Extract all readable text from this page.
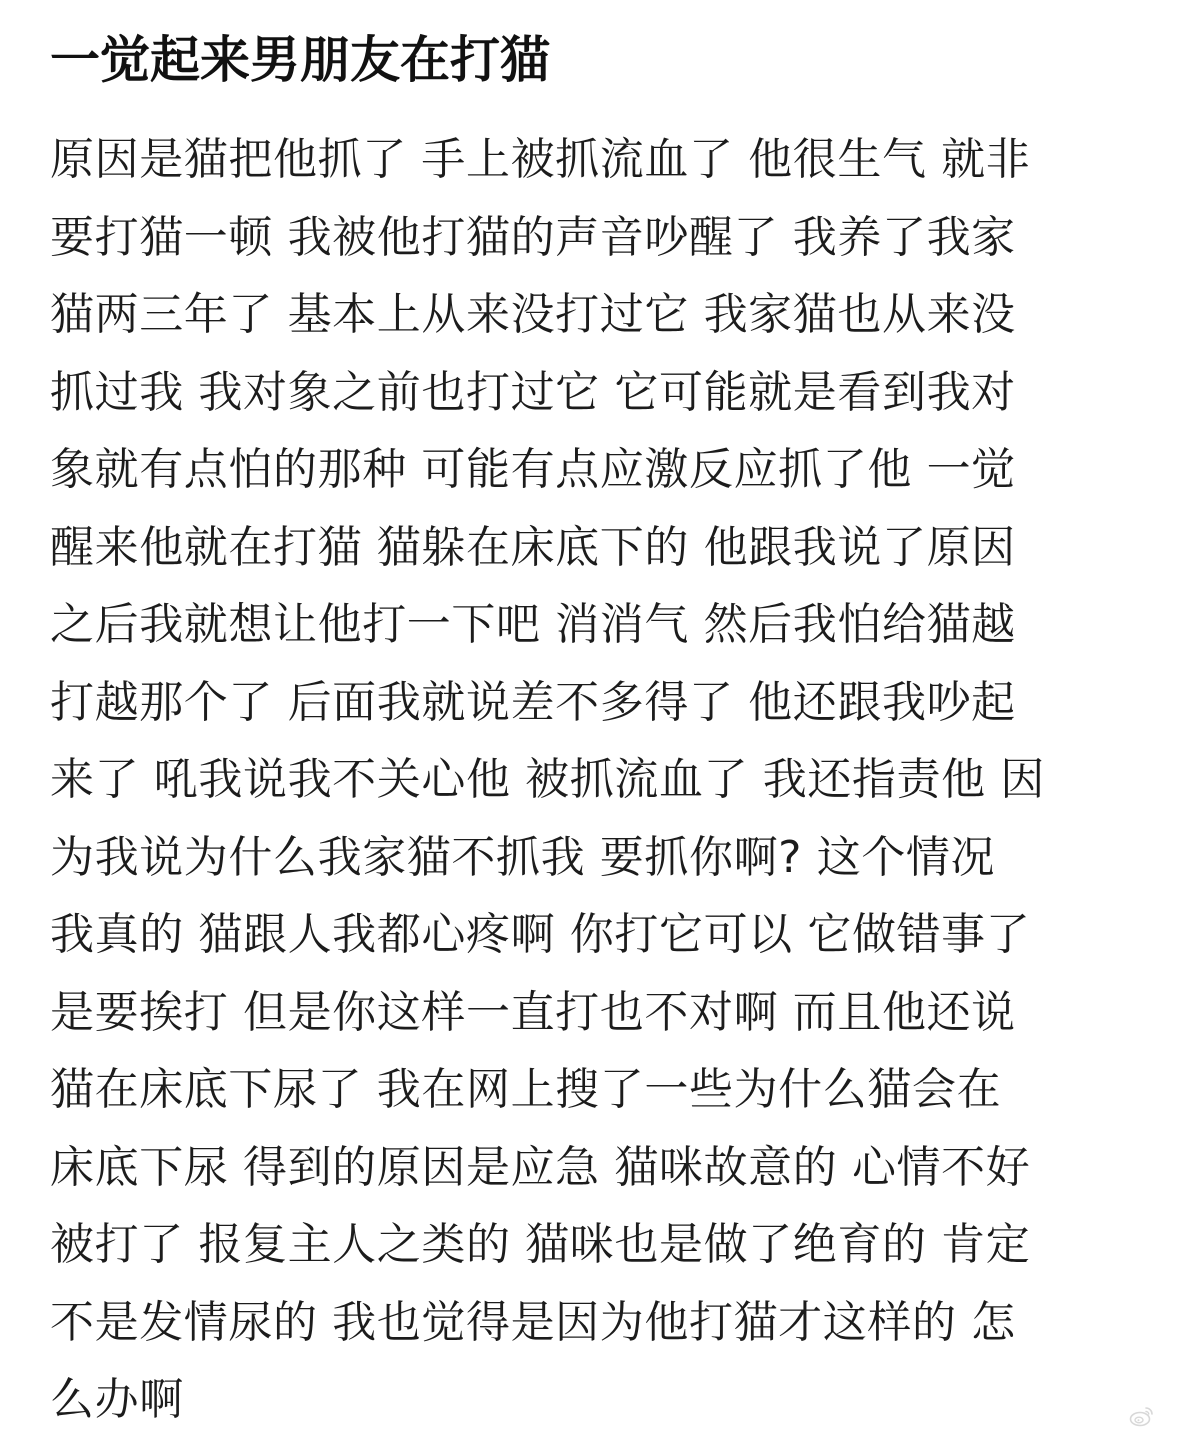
一觉起来男朋友在打猫
原因是猫把他抓了 手上被抓流血了 他很生气 就非
要打猫一顿 我被他打猫的声音吵醒了 我养了我家
猫两三年了 基本上从来没打过它 我家猫也从来没
抓过我 我对象之前也打过它 它可能就是看到我对
象就有点怕的那种 可能有点应激反应抓了他 一觉
醒来他就在打猫 猫躲在床底下的 他跟我说了原因
之后我就想让他打一下吧 消消气 然后我怕给猫越
打越那个了 后面我就说差不多得了 他还跟我吵起
来了 吼我说我不关心他 被抓流血了 我还指责他 因
为我说为什么我家猫不抓我 要抓你啊? 这个情况
我真的 猫跟人我都心疼啊 你打它可以 它做错事了
是要挨打 但是你这样一直打也不对啊 而且他还说
猫在床底下尿了 我在网上搜了一些为什么猫会在
床底下尿 得到的原因是应急 猫咪故意的 心情不好
被打了 报复主人之类的 猫咪也是做了绝育的 肯定
不是发情尿的 我也觉得是因为他打猫才这样的 怎
么办啊
